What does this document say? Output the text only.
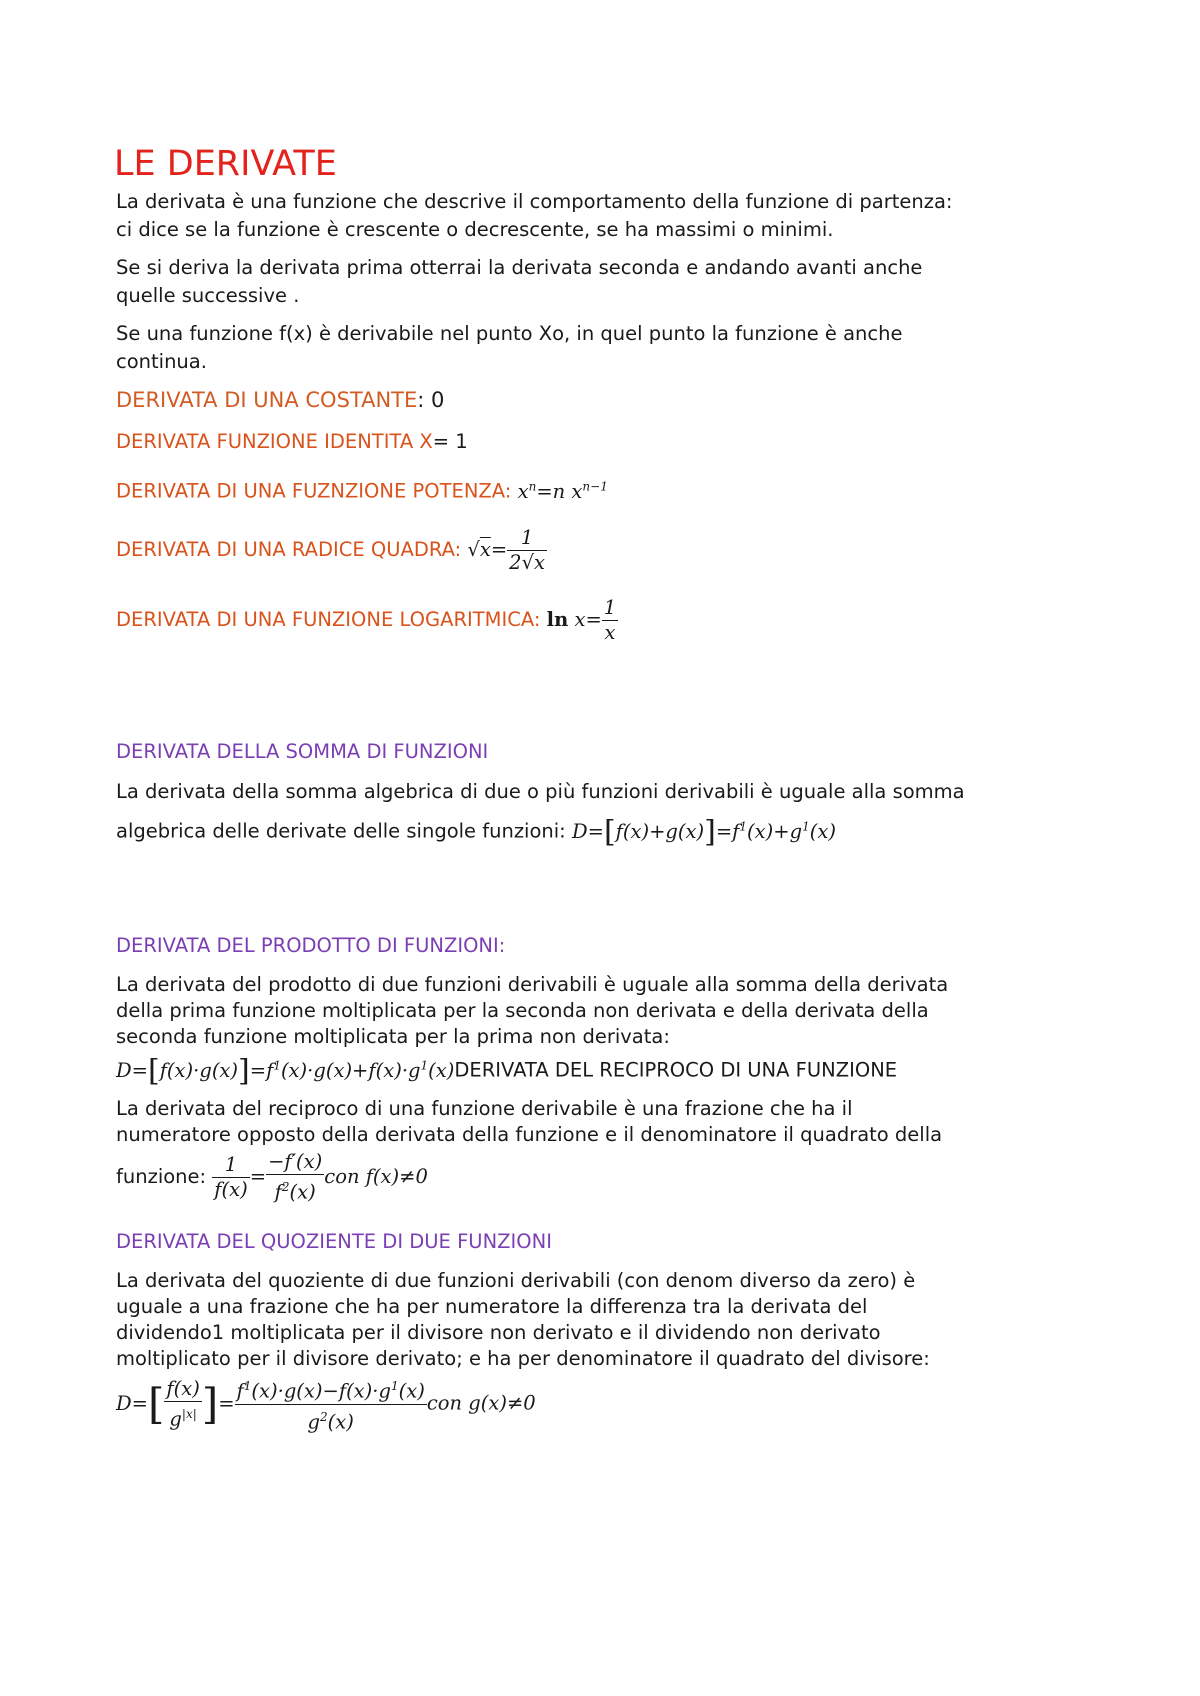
LE DERIVATE
La derivata è una funzione che descrive il comportamento della funzione di partenza:
ci dice se la funzione è crescente o decrescente, se ha massimi o minimi.
Se si deriva la derivata prima otterrai la derivata seconda e andando avanti anche
quelle successive .
Se una funzione f(x) è derivabile nel punto Xo, in quel punto la funzione è anche
continua.
DERIVATA DI UNA COSTANTE: 0
DERIVATA FUNZIONE IDENTITA X= 1
DERIVATA DI UNA FUZNZIONE POTENZA: $x^n=n$ $x^{n-1}$
DERIVATA DI UNA RADICE QUADRA: $√x= \frac{1}{2√x}$
DERIVATA DI UNA FUNZIONE LOGARITMICA: $\ln x= \frac{1}{x}$
DERIVATA DELLA SOMMA DI FUNZIONI
La derivata della somma algebrica di due o più funzioni derivabili è uguale alla somma
algebrica delle derivate delle singole funzioni: $D=[f(x)+g(x)]=f^1(x)+g^1(x)$
DERIVATA DEL PRODOTTO DI FUNZIONI:
La derivata del prodotto di due funzioni derivabili è uguale alla somma della derivata
della prima funzione moltiplicata per la seconda non derivata e della derivata della
seconda funzione moltiplicata per la prima non derivata:
$D=[f(x)\cdot g(x)]=f^1(x)\cdot g(x)+f(x)\cdot g^1(x)DERIVATA$ DEL RECIPROCO DI UNA FUNZIONE
La derivata del reciproco di una funzione derivabile è una frazione che ha il
numeratore opposto della derivata della funzione e il denominatore il quadrato della
funzione: $\frac{1}{f(x)} = \frac{-f'(x)}{f^2(x)}$ con f(x)≠0
DERIVATA DEL QUOZIENTE DI DUE FUNZIONI
La derivata del quoziente di due funzioni derivabili (con denom diverso da zero) è
uguale a una frazione che ha per numeratore la differenza tra la derivata del
dividendo1 moltiplicata per il divisore non derivato e il dividendo non derivato
moltiplicato per il divisore derivato; e ha per denominatore il quadrato del divisore:
$D=[ \frac{f(x)}{g^{|x|}}$ ]= $\frac{f^1(x)\cdot g(x)-f(x)\cdot g^1(x)}{g^2(x)}$ con g(x)≠0
